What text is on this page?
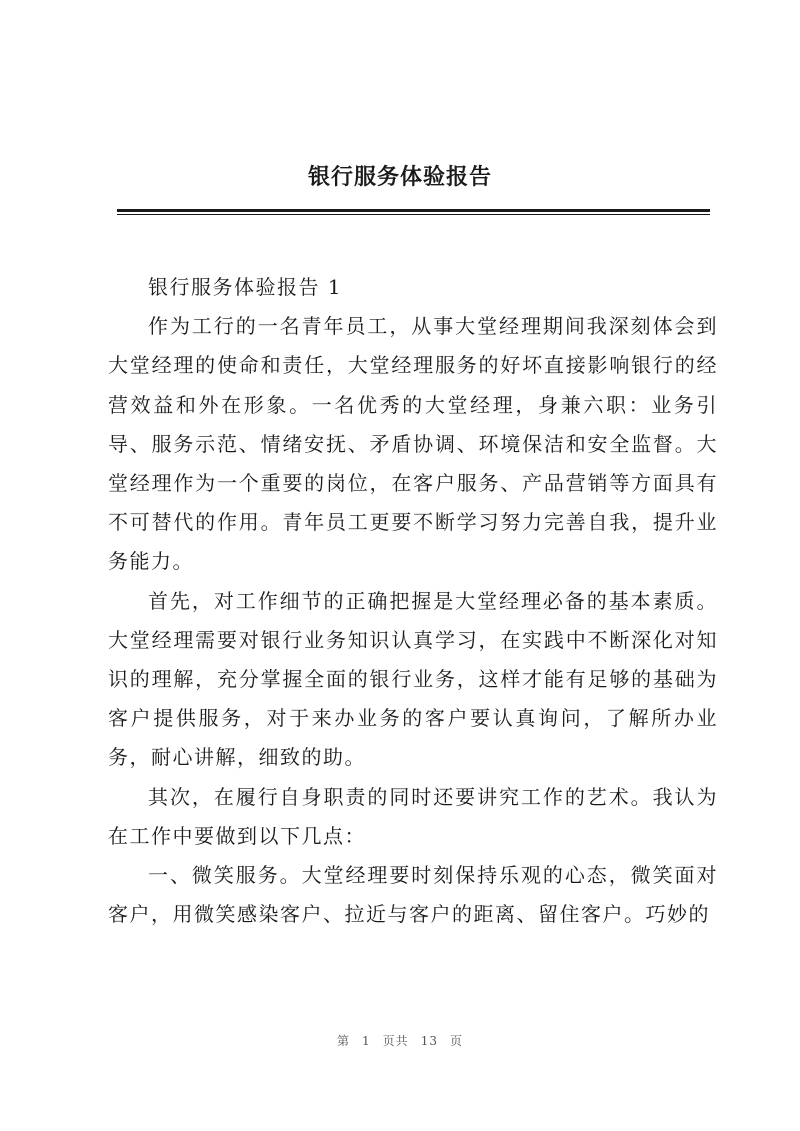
银行服务体验报告

银行服务体验报告 1

作为工行的一名青年员工，从事大堂经理期间我深刻体会到大堂经理的使命和责任，大堂经理服务的好坏直接影响银行的经营效益和外在形象。一名优秀的大堂经理，身兼六职：业务引导、服务示范、情绪安抚、矛盾协调、环境保洁和安全监督。大堂经理作为一个重要的岗位，在客户服务、产品营销等方面具有不可替代的作用。青年员工更要不断学习努力完善自我，提升业务能力。

首先，对工作细节的正确把握是大堂经理必备的基本素质。大堂经理需要对银行业务知识认真学习，在实践中不断深化对知识的理解，充分掌握全面的银行业务，这样才能有足够的基础为客户提供服务，对于来办业务的客户要认真询问，了解所办业务，耐心讲解，细致的助。

其次，在履行自身职责的同时还要讲究工作的艺术。我认为在工作中要做到以下几点：

一、微笑服务。大堂经理要时刻保持乐观的心态，微笑面对客户，用微笑感染客户、拉近与客户的距离、留住客户。巧妙的

第 1 页共 13 页
